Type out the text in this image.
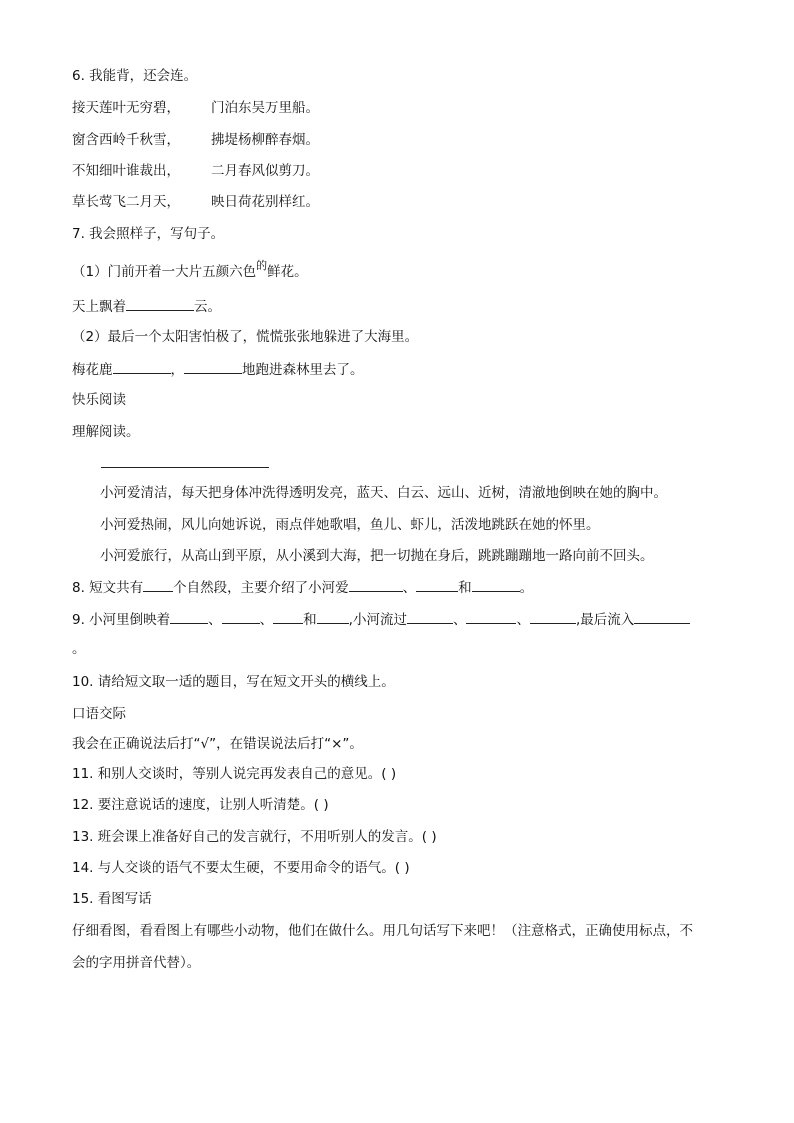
6. 我能背，还会连。
接天莲叶无穷碧， 门泊东吴万里船。
窗含西岭千秋雪， 拂堤杨柳醉春烟。
不知细叶谁裁出， 二月春风似剪刀。
草长莺飞二月天， 映日荷花别样红。
7. 我会照样子，写句子。
（1）门前开着一大片五颜六色$^的$鲜花。
天上飘着	云。
（2）最后一个太阳害怕极了，慌慌张张地躲进了大海里。
梅花鹿	，	地跑进森林里去了。
快乐阅读
理解阅读。
小河爱清洁，每天把身体冲洗得透明发亮，蓝天、白云、远山、近树，清澈地倒映在她的胸中。
小河爱热闹，风儿向她诉说，雨点伴她歌唱，鱼儿、虾儿，活泼地跳跃在她的怀里。
小河爱旅行，从高山到平原，从小溪到大海，把一切抛在身后，跳跳蹦蹦地一路向前不回头。
8. 短文共有 个自然段，主要介绍了小河爱	、	和	。
9. 小河里倒映着	、	、 和 ,小河流过	、	、	,最后流入
。
10. 请给短文取一适的题目，写在短文开头的横线上。
口语交际
我会在正确说法后打“√”，在错误说法后打“×”。
11. 和别人交谈时，等别人说完再发表自己的意见。( )
12. 要注意说话的速度，让别人听清楚。( )
13. 班会课上准备好自己的发言就行，不用听别人的发言。( )
14. 与人交谈的语气不要太生硬，不要用命令的语气。( )
15. 看图写话
仔细看图，看看图上有哪些小动物，他们在做什么。用几句话写下来吧！（注意格式，正确使用标点，不
会的字用拼音代替）。
